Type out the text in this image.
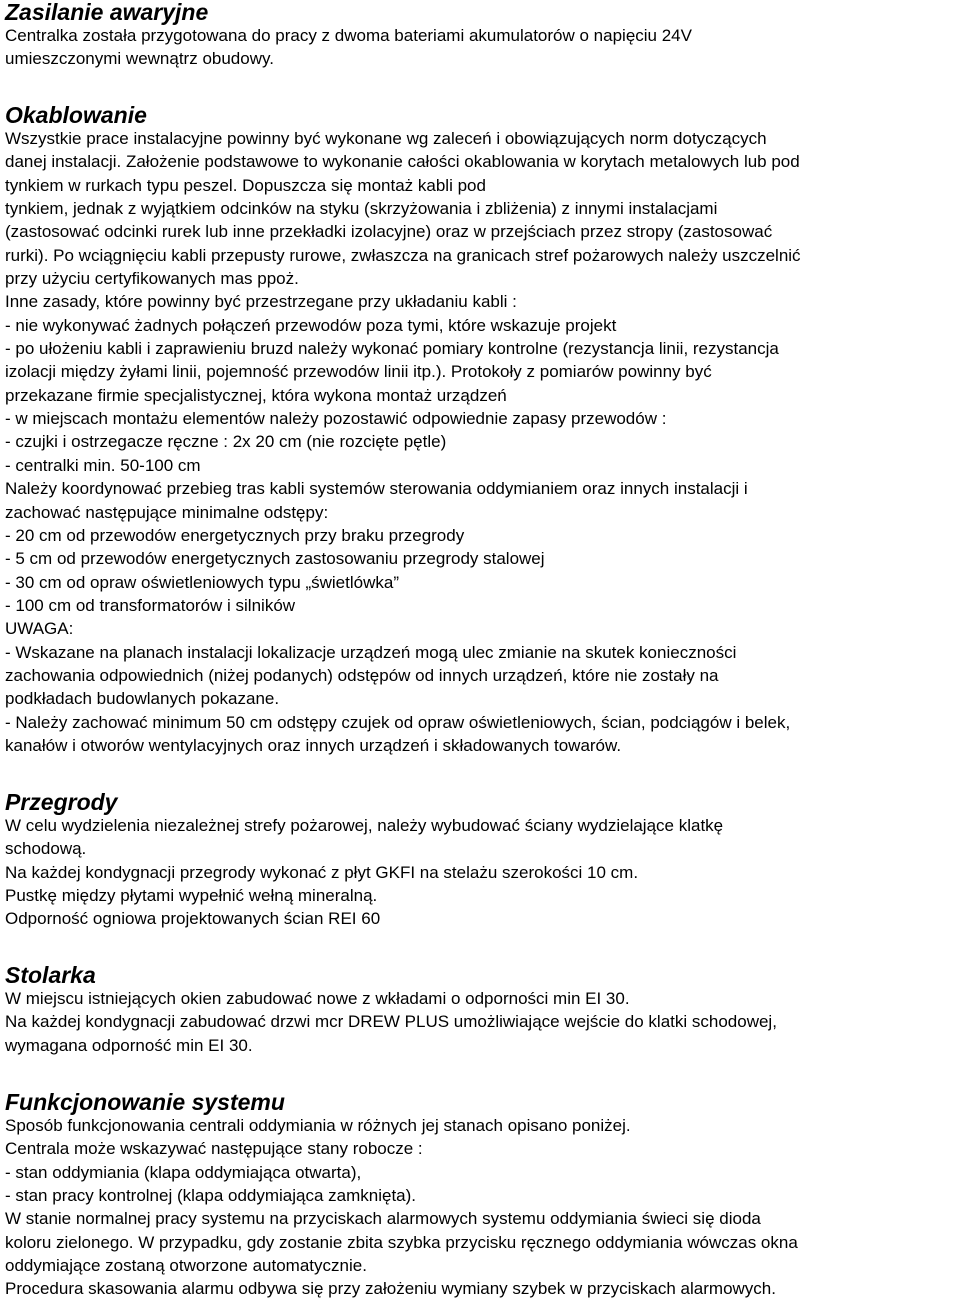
Zasilanie awaryjne

Centralka została przygotowana do pracy z dwoma bateriami akumulatorów o napięciu 24V

umieszczonymi wewnątrz obudowy.

Okablowanie

Wszystkie prace instalacyjne powinny być wykonane wg zaleceń i obowiązujących norm dotyczących

danej instalacji. Założenie podstawowe to wykonanie całości okablowania w korytach metalowych lub pod

tynkiem w rurkach typu peszel. Dopuszcza się montaż kabli pod

tynkiem, jednak z wyjątkiem odcinków na styku (skrzyżowania i zbliżenia) z innymi instalacjami

(zastosować odcinki rurek lub inne przekładki izolacyjne) oraz w przejściach przez stropy (zastosować

rurki). Po wciągnięciu kabli przepusty rurowe, zwłaszcza na granicach stref pożarowych należy uszczelnić

przy użyciu certyfikowanych mas ppoż.

Inne zasady, które powinny być przestrzegane przy układaniu kabli :

- nie wykonywać żadnych połączeń przewodów poza tymi, które wskazuje projekt

- po ułożeniu kabli i zaprawieniu bruzd należy wykonać pomiary kontrolne (rezystancja linii, rezystancja

izolacji między żyłami linii, pojemność przewodów linii itp.). Protokoły z pomiarów powinny być

przekazane firmie specjalistycznej, która wykona montaż urządzeń

- w miejscach montażu elementów należy pozostawić odpowiednie zapasy przewodów :

- czujki i ostrzegacze ręczne : 2x 20 cm (nie rozcięte pętle)

- centralki min. 50-100 cm

Należy koordynować przebieg tras kabli systemów sterowania oddymianiem oraz innych instalacji i

zachować następujące minimalne odstępy:

- 20 cm od przewodów energetycznych przy braku przegrody

- 5 cm od przewodów energetycznych zastosowaniu przegrody stalowej

- 30 cm od opraw oświetleniowych typu „świetlówka”

- 100 cm od transformatorów i silników

UWAGA:

- Wskazane na planach instalacji lokalizacje urządzeń mogą ulec zmianie na skutek konieczności

zachowania odpowiednich (niżej podanych) odstępów od innych urządzeń, które nie zostały na

podkładach budowlanych pokazane.

- Należy zachować minimum 50 cm odstępy czujek od opraw oświetleniowych, ścian, podciągów i belek,

kanałów i otworów wentylacyjnych oraz innych urządzeń i składowanych towarów.

Przegrody

W celu wydzielenia niezależnej strefy pożarowej, należy wybudować ściany wydzielające klatkę

schodową.

Na każdej kondygnacji przegrody wykonać z płyt GKFI na stelażu szerokości 10 cm.

Pustkę między płytami wypełnić wełną mineralną.

Odporność ogniowa projektowanych ścian REI 60

Stolarka

W miejscu istniejących okien zabudować nowe z wkładami o odporności min EI 30.

Na każdej kondygnacji zabudować drzwi mcr DREW PLUS umożliwiające wejście do klatki schodowej,

wymagana odporność min EI 30.

Funkcjonowanie systemu

Sposób funkcjonowania centrali oddymiania w różnych jej stanach opisano poniżej.

Centrala może wskazywać następujące stany robocze :

- stan oddymiania (klapa oddymiająca otwarta),

- stan pracy kontrolnej (klapa oddymiająca zamknięta).

W stanie normalnej pracy systemu na przyciskach alarmowych systemu oddymiania świeci się dioda

koloru zielonego. W przypadku, gdy zostanie zbita szybka przycisku ręcznego oddymiania wówczas okna

oddymiające zostaną otworzone automatycznie.

Procedura skasowania alarmu odbywa się przy założeniu wymiany szybek w przyciskach alarmowych.
